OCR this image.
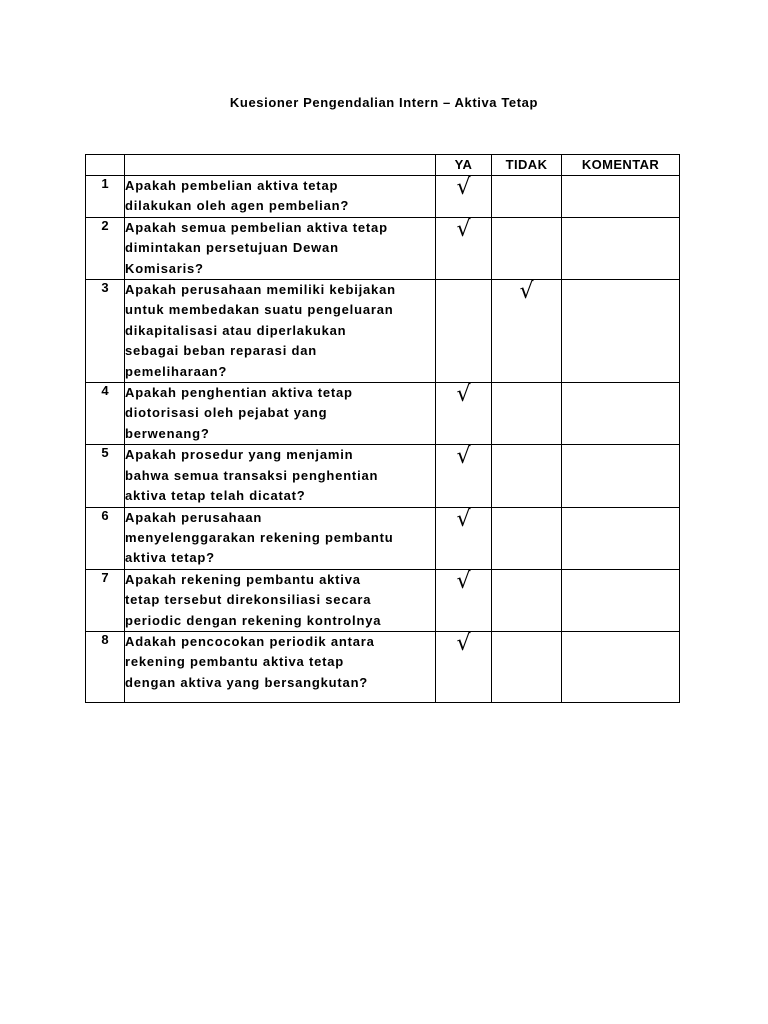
Kuesioner Pengendalian Intern – Aktiva Tetap
		YA	TIDAK	KOMENTAR
1	Apakah pembelian aktiva tetap
dilakukan oleh agen pembelian?	√		
2	Apakah semua pembelian aktiva tetap
dimintakan persetujuan Dewan
Komisaris?	√		
3	Apakah perusahaan memiliki kebijakan
untuk membedakan suatu pengeluaran
dikapitalisasi atau diperlakukan
sebagai beban reparasi dan
pemeliharaan?		√	
4	Apakah penghentian aktiva tetap
diotorisasi oleh pejabat yang
berwenang?	√		
5	Apakah prosedur yang menjamin
bahwa semua transaksi penghentian
aktiva tetap telah dicatat?	√		
6	Apakah perusahaan
menyelenggarakan rekening pembantu
aktiva tetap?	√		
7	Apakah rekening pembantu aktiva
tetap tersebut direkonsiliasi secara
periodic dengan rekening kontrolnya	√		
8	Adakah pencocokan periodik antara
rekening pembantu aktiva tetap
dengan aktiva yang bersangkutan?	√		
